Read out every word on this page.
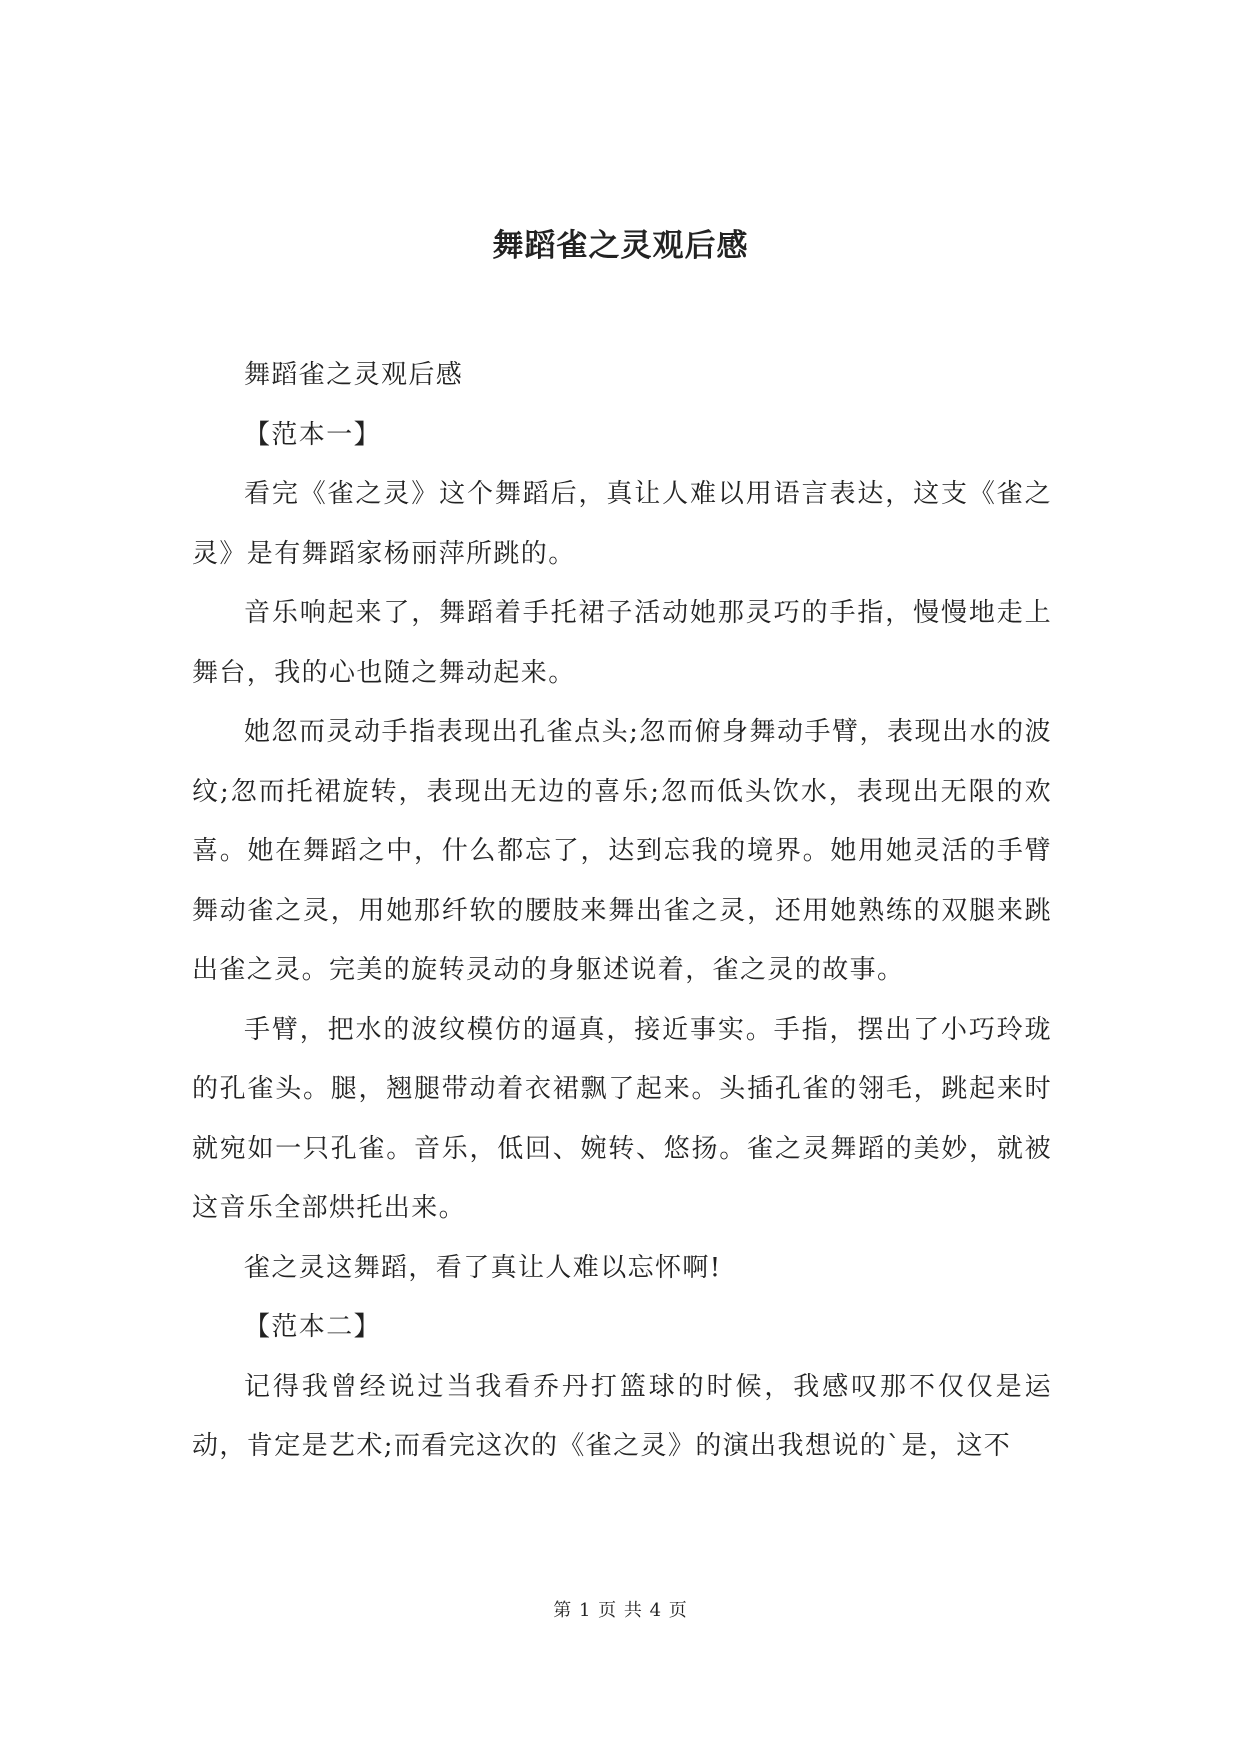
舞蹈雀之灵观后感

舞蹈雀之灵观后感

【范本一】

看完《雀之灵》这个舞蹈后，真让人难以用语言表达，这支《雀之灵》是有舞蹈家杨丽萍所跳的。

音乐响起来了，舞蹈着手托裙子活动她那灵巧的手指，慢慢地走上舞台，我的心也随之舞动起来。

她忽而灵动手指表现出孔雀点头;忽而俯身舞动手臂，表现出水的波纹;忽而托裙旋转，表现出无边的喜乐;忽而低头饮水，表现出无限的欢喜。她在舞蹈之中，什么都忘了，达到忘我的境界。她用她灵活的手臂舞动雀之灵，用她那纤软的腰肢来舞出雀之灵，还用她熟练的双腿来跳出雀之灵。完美的旋转灵动的身躯述说着，雀之灵的故事。

手臂，把水的波纹模仿的逼真，接近事实。手指，摆出了小巧玲珑的孔雀头。腿，翘腿带动着衣裙飘了起来。头插孔雀的翎毛，跳起来时就宛如一只孔雀。音乐，低回、婉转、悠扬。雀之灵舞蹈的美妙，就被这音乐全部烘托出来。

雀之灵这舞蹈，看了真让人难以忘怀啊!

【范本二】

记得我曾经说过当我看乔丹打篮球的时候，我感叹那不仅仅是运动，肯定是艺术;而看完这次的《雀之灵》的演出我想说的`是，这不

第 1 页 共 4 页
